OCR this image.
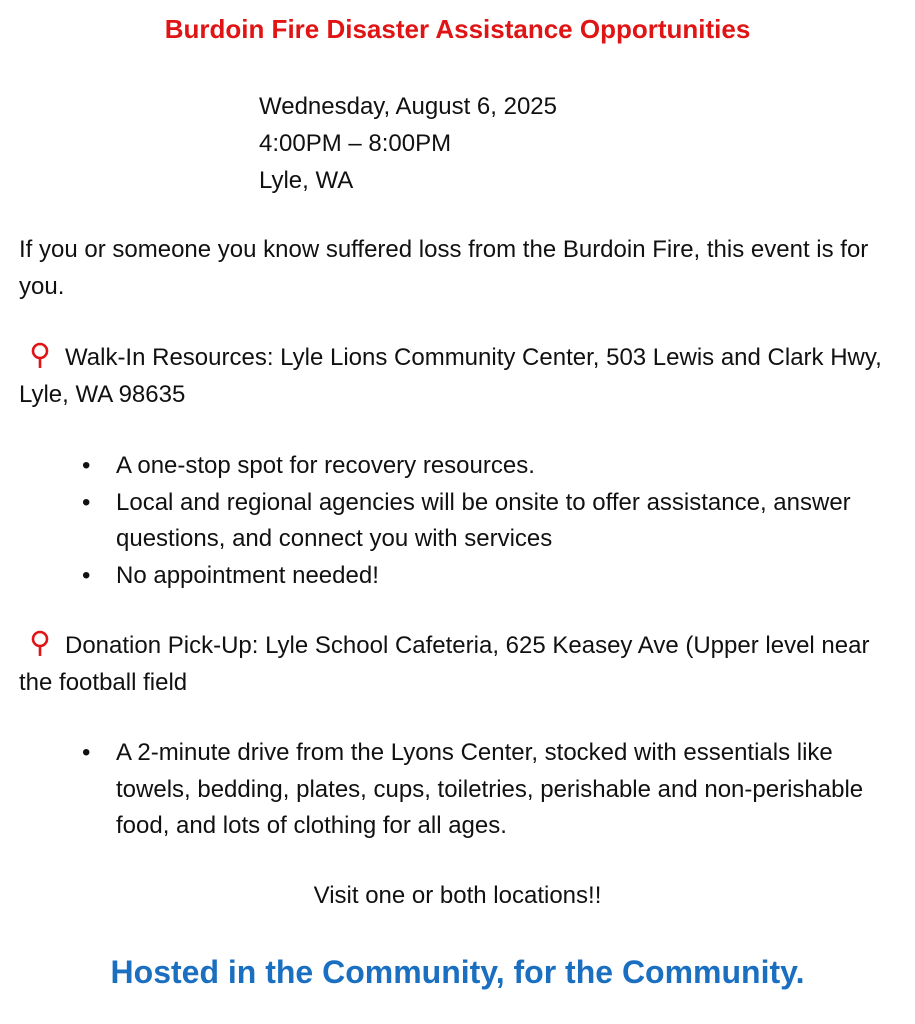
Burdoin Fire Disaster Assistance Opportunities
Wednesday, August 6, 2025
4:00PM – 8:00PM
Lyle, WA

If you or someone you know suffered loss from the Burdoin Fire, this event is for you.

Walk-In Resources: Lyle Lions Community Center, 503 Lewis and Clark Hwy, Lyle, WA 98635

• A one-stop spot for recovery resources.
• Local and regional agencies will be onsite to offer assistance, answer questions, and connect you with services
• No appointment needed!

Donation Pick-Up: Lyle School Cafeteria, 625 Keasey Ave (Upper level near the football field

• A 2-minute drive from the Lyons Center, stocked with essentials like towels, bedding, plates, cups, toiletries, perishable and non-perishable food, and lots of clothing for all ages.

Visit one or both locations!!

Hosted in the Community, for the Community.
